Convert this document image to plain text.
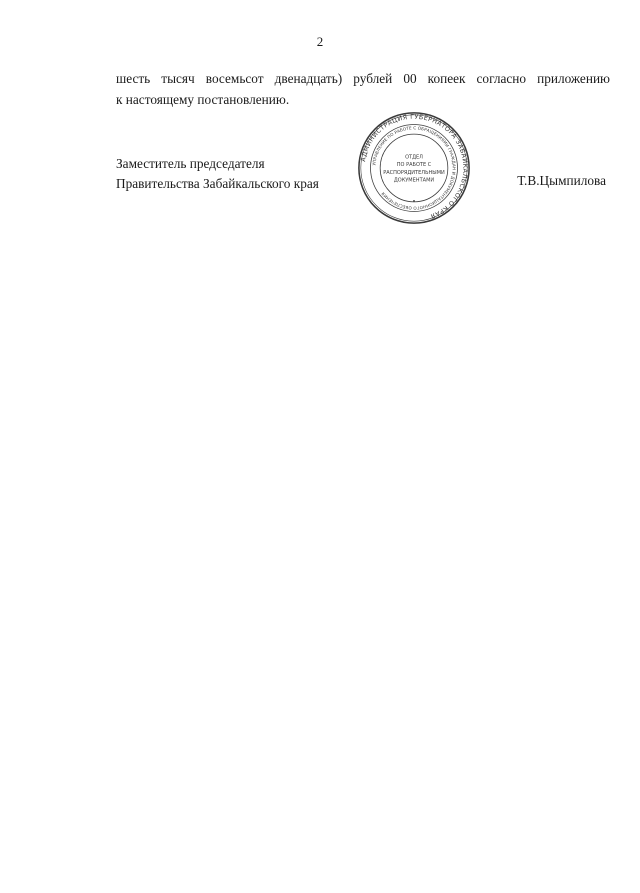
2
шесть тысяч восемьсот двенадцать) рублей 00 копеек согласно приложению
к настоящему постановлению.
Заместитель председателя
Правительства Забайкальского края	Т.В.Цымпилова
АДМИНИСТРАЦИЯ ГУБЕРНАТОРА ЗАБАЙКАЛЬСКОГО КРАЯ
УПРАВЛЕНИЕ ПО РАБОТЕ С ОБРАЩЕНИЯМИ ГРАЖДАН И ДОКУМЕНТАЦИОННОГО ОБЕСПЕЧЕНИЯ
ОТДЕЛ
ПО РАБОТЕ С
РАСПОРЯДИТЕЛЬНЫМИ
ДОКУМЕНТАМИ
